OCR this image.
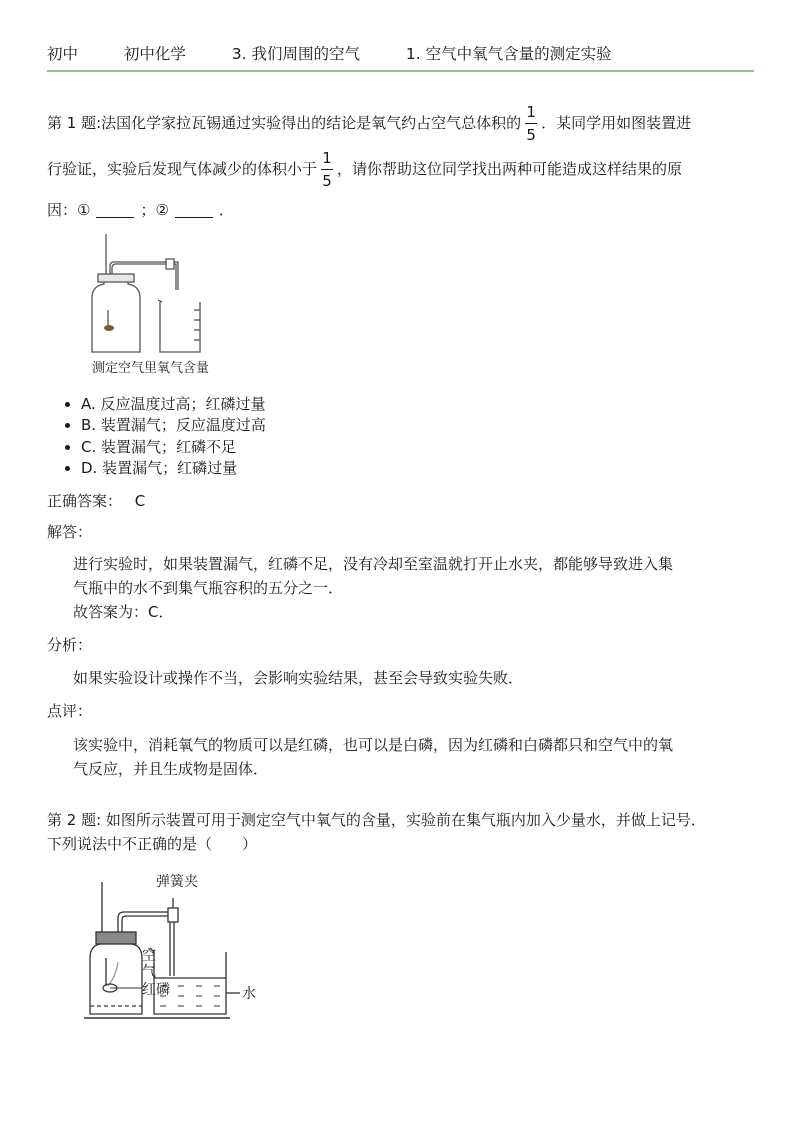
初中	初中化学	3. 我们周围的空气	1. 空气中氧气含量的测定实验
第 1 题: 法国化学家拉瓦锡通过实验得出的结论是氧气约占空气总体积的 $\frac{1}{5}$ ．某同学用如图装置进
行验证，实验后发现气体减少的体积小于 $\frac{1}{5}$ ，请你帮助这位同学找出两种可能造成这样结果的原
因：①	；②	．
测定空气里氧气含量
• A. 反应温度过高；红磷过量
• B. 装置漏气；反应温度过高
• C. 装置漏气；红磷不足
• D. 装置漏气；红磷过量
正确答案： C
解答：
进行实验时，如果装置漏气，红磷不足，没有冷却至室温就打开止水夹，都能够导致进入集
气瓶中的水不到集气瓶容积的五分之一．
故答案为：C．
分析：
如果实验设计或操作不当，会影响实验结果，甚至会导致实验失败．
点评：
该实验中，消耗氧气的物质可以是红磷，也可以是白磷，因为红磷和白磷都只和空气中的氧
气反应，并且生成物是固体．
第 2 题: 如图所示装置可用于测定空气中氧气的含量，实验前在集气瓶内加入少量水，并做上记号．
下列说法中不正确的是（　　）
弹簧夹
空
气
红磷	水
